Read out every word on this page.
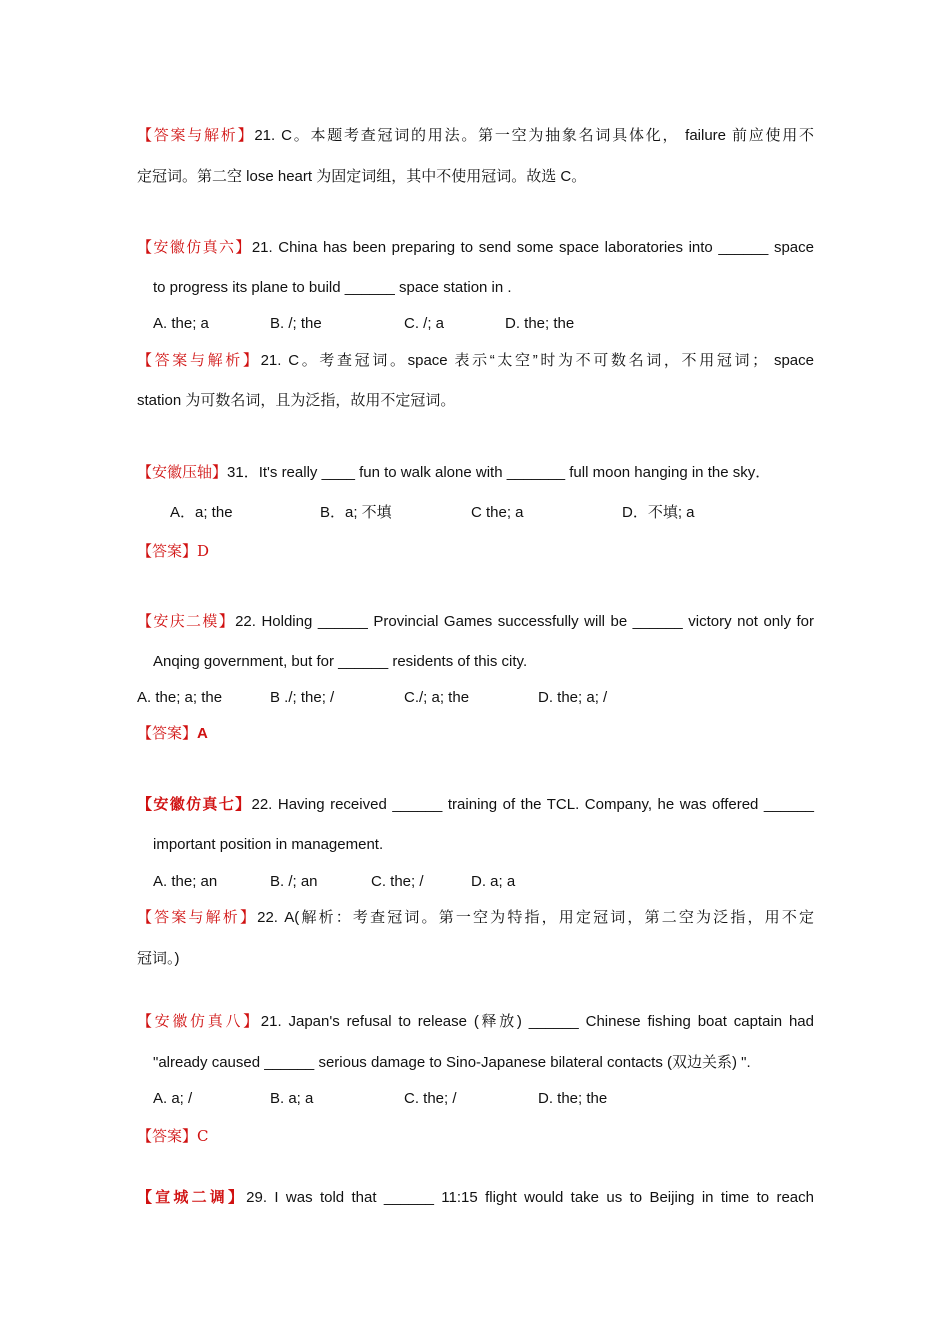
【答案与解析】21. C。本题考查冠词的用法。第一空为抽象名词具体化， failure 前应使用不
定冠词。第二空 lose heart 为固定词组，其中不使用冠词。故选 C。
【安徽仿真六】21. China has been preparing to send some space laboratories into ______ space
to progress its plane to build ______ space station in .
A. the; a	B. /; the	C. /; a	D. the; the
【答案与解析】21. C。考查冠词。space 表示“太空”时为不可数名词，不用冠词； space
station 为可数名词，且为泛指，故用不定冠词。
【安徽压轴】31．It's really ____ fun to walk alone with _______ full moon hanging in the sky．
A．a; the	B．a; 不填	C the; a	D．不填; a
【答案】D
【安庆二模】22. Holding ______ Provincial Games successfully will be ______ victory not only for
Anqing government, but for ______ residents of this city.
A. the; a; the	B ./; the; /	C./; a; the	D. the; a; /
【答案】A
【安徽仿真七】22. Having received ______ training of the TCL. Company, he was offered ______
important position in management.
A. the; an	B. /; an	C. the; /	D. a; a
【答案与解析】22. A(解析：考查冠词。第一空为特指，用定冠词，第二空为泛指，用不定
冠词。)
【安徽仿真八】21. Japan's refusal to release (释放) ______ Chinese fishing boat captain had
"already caused ______ serious damage to Sino-Japanese bilateral contacts (双边关系) ".
A. a; /	B. a; a	C. the; /	D. the; the
【答案】C
【宣城二调】29. I was told that ______ 11:15 flight would take us to Beijing in time to reach
